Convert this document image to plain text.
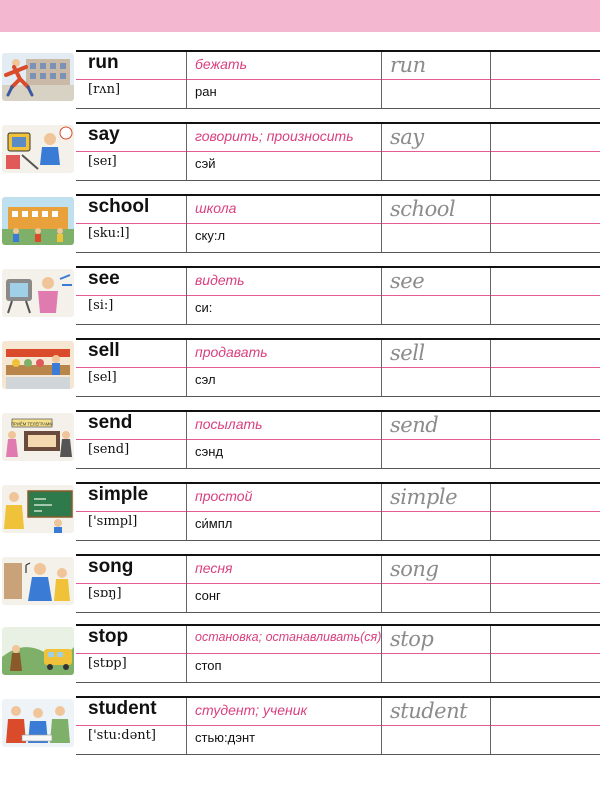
run
[rʌn]
бежать
ран
run
say
[seɪ]
говорить; произносить
сэй
say
school
[sku:l]
школа
ску:л
school
see
[si:]
видеть
си:
see
sell
[sel]
продавать
сэл
sell
ПРИЁМ ТЕЛЕГРАММ send
[send]
посылать
сэнд
send
simple
['sɪmpl]
простой
си́мпл
simple
song
[sɒŋ]
песня
сонг
song
stop
[stɒp]
остановка; останавливать(ся)
стоп
stop
student
['stu:dənt]
студент; ученик
стью:дэнт
student
